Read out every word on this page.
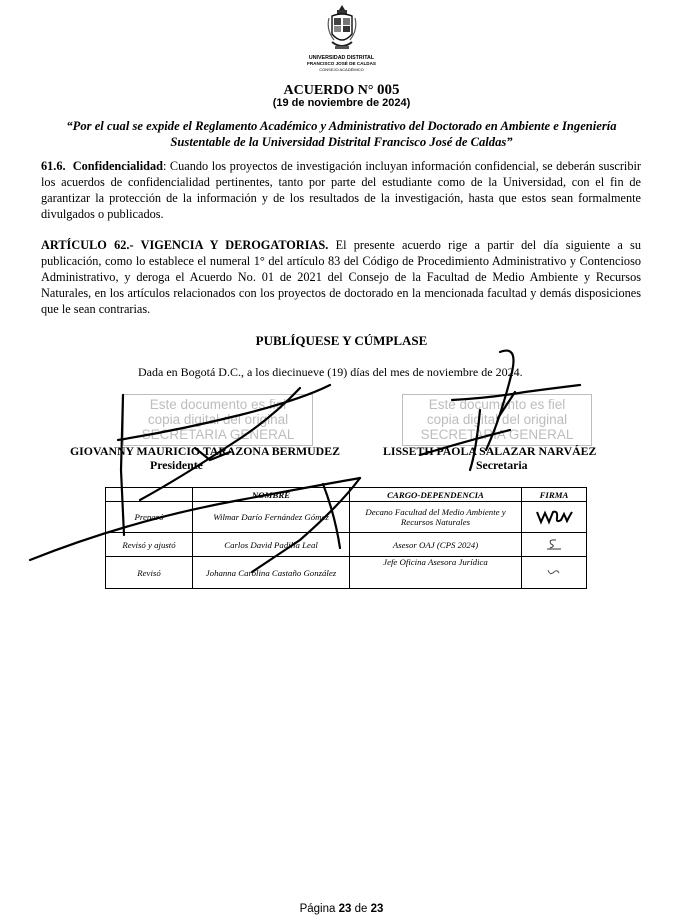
UNIVERSIDAD DISTRITAL
FRANCISCO JOSÉ DE CALDAS
CONSEJO ACADÉMICO
ACUERDO N° 005
(19 de noviembre de 2024)
“Por el cual se expide el Reglamento Académico y Administrativo del Doctorado en Ambiente e Ingeniería Sustentable de la Universidad Distrital Francisco José de Caldas”
61.6. Confidencialidad: Cuando los proyectos de investigación incluyan información confidencial, se deberán suscribir los acuerdos de confidencialidad pertinentes, tanto por parte del estudiante como de la Universidad, con el fin de garantizar la protección de la información y de los resultados de la investigación, hasta que estos sean formalmente divulgados o publicados.
ARTÍCULO 62.- VIGENCIA Y DEROGATORIAS. El presente acuerdo rige a partir del día siguiente a su publicación, como lo establece el numeral 1° del artículo 83 del Código de Procedimiento Administrativo y Contencioso Administrativo, y deroga el Acuerdo No. 01 de 2021 del Consejo de la Facultad de Medio Ambiente y Recursos Naturales, en los artículos relacionados con los proyectos de doctorado en la mencionada facultad y demás disposiciones que le sean contrarias.
PUBLÍQUESE Y CÚMPLASE
Dada en Bogotá D.C., a los diecinueve (19) días del mes de noviembre de 2024.
Este documento es fiel
copia digital del original
SECRETARIA GENERAL
Este documento es fiel
copia digital del original
SECRETARIA GENERAL
GIOVANNY MAURICIO TARAZONA BERMUDEZ
Presidente
LISSETH PAOLA SALAZAR NARVÁEZ
Secretaria
	NOMBRE	CARGO-DEPENDENCIA	FIRMA
Preparó	Wilmar Darío Fernández Gómez	Decano Facultad del Medio Ambiente y Recursos Naturales	
Revisó y ajustó	Carlos David Padilla Leal	Asesor OAJ (CPS 2024)	
Revisó	Johanna Carolina Castaño González	Jefe Oficina Asesora Jurídica	
Página 23 de 23
